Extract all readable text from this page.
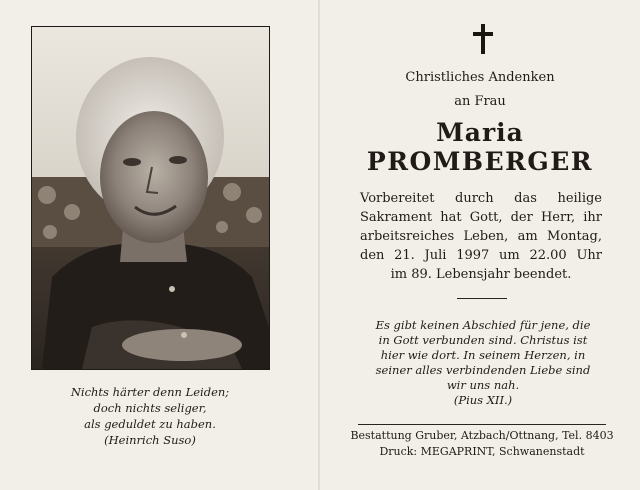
Nichts härter denn Leiden;
doch nichts seliger,
als geduldet zu haben.
(Heinrich Suso)
Christliches Andenken
an Frau
Maria
PROMBERGER
Vorbereitet durch das heilige
Sakrament hat Gott, der Herr, ihr
arbeitsreiches Leben, am Montag,
den 21. Juli 1997 um 22.00 Uhr
im 89. Lebensjahr beendet.
Es gibt keinen Abschied für jene, die
in Gott verbunden sind. Christus ist
hier wie dort. In seinem Herzen, in
seiner alles verbindenden Liebe sind
wir uns nah.
(Pius XII.)
Bestattung Gruber, Atzbach/Ottnang, Tel. 8403
Druck: MEGAPRINT, Schwanenstadt
